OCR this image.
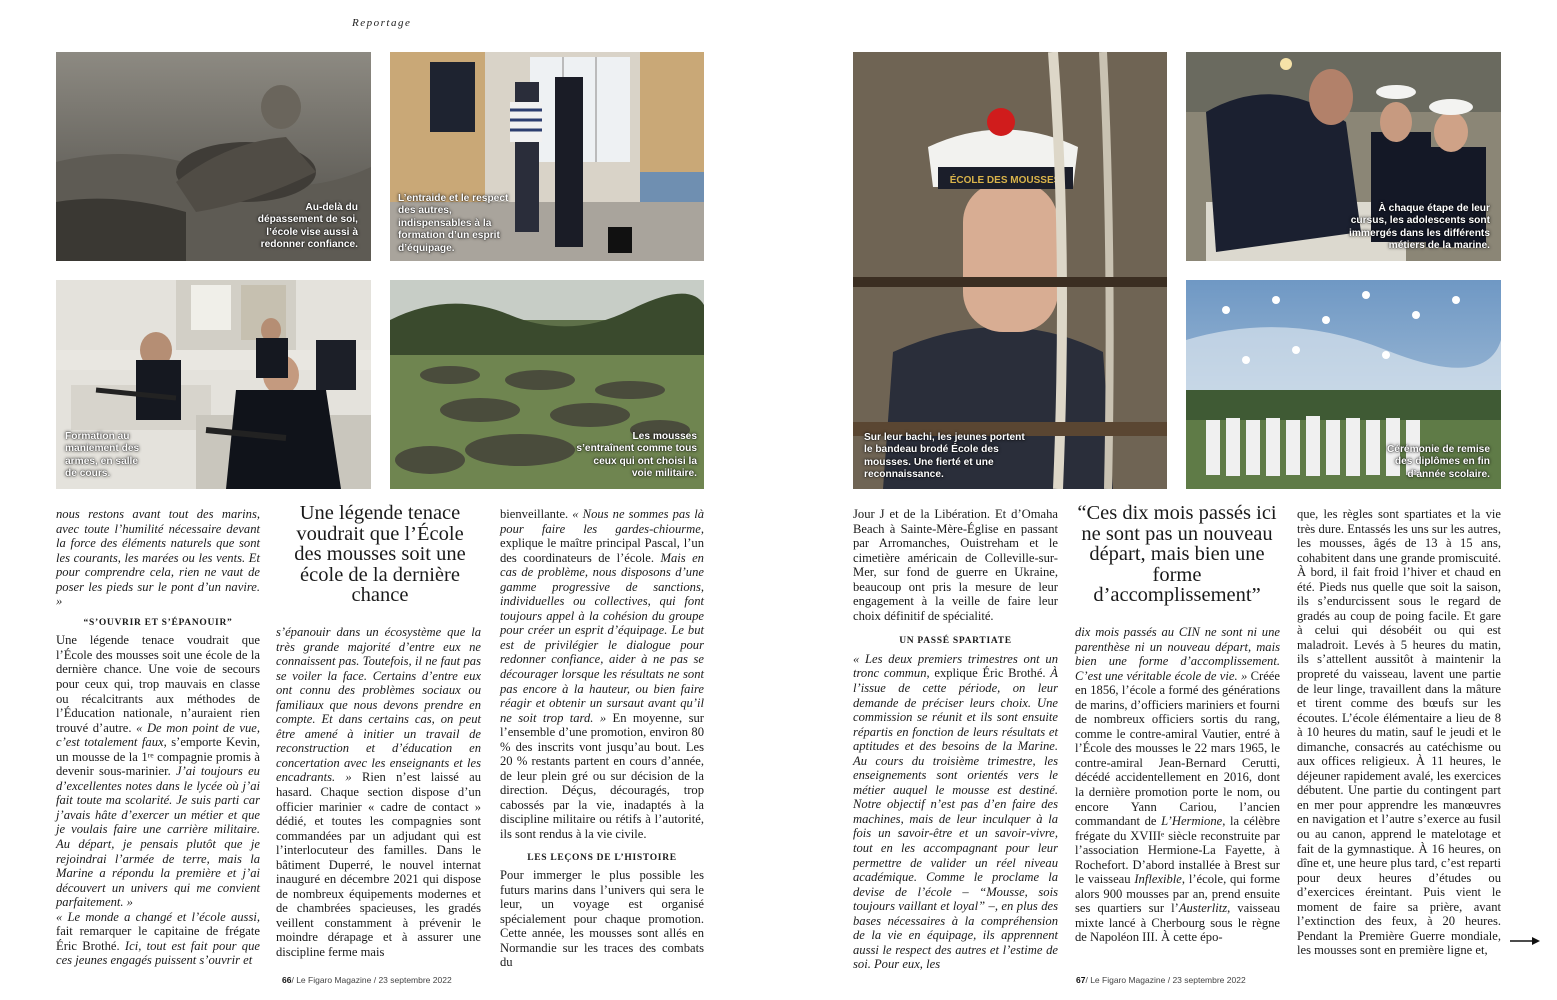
Reportage
Au-delà du dépassement de soi, l’école vise aussi à redonner confiance.
L’entraide et le respect des autres, indispensables à la formation d’un esprit d’équipage.
Formation au maniement des armes, en salle de cours.
Les mousses s’entraînent comme tous ceux qui ont choisi la voie militaire.
ÉCOLE DES MOUSSES
Sur leur bachi, les jeunes portent le bandeau brodé École des mousses. Une fierté et une reconnaissance.
À chaque étape de leur cursus, les adolescents sont immergés dans les différents métiers de la marine.
Cérémonie de remise des diplômes en fin d’année scolaire.

nous restons avant tout des marins, avec toute l’humilité nécessaire devant la force des éléments naturels que sont les courants, les marées ou les vents. Et pour comprendre cela, rien ne vaut de poser les pieds sur le pont d’un navire. »

“S’OUVRIR ET S’ÉPANOUIR”

Une légende tenace voudrait que l’École des mousses soit une école de la dernière chance. Une voie de secours pour ceux qui, trop mauvais en classe ou récalcitrants aux méthodes de l’Éducation nationale, n’auraient rien trouvé d’autre. « De mon point de vue, c’est totalement faux, s’emporte Kevin, un mousse de la 1ʳᵉ compagnie promis à devenir sous-marinier. J’ai toujours eu d’excellentes notes dans le lycée où j’ai fait toute ma scolarité. Je suis parti car j’avais hâte d’exercer un métier et que je voulais faire une carrière militaire. Au départ, je pensais plutôt que je rejoindrai l’armée de terre, mais la Marine a répondu la première et j’ai découvert un univers qui me convient parfaitement. »

« Le monde a changé et l’école aussi, fait remarquer le capitaine de frégate Éric Brothé. Ici, tout est fait pour que ces jeunes engagés puissent s’ouvrir et

Une légende tenace voudrait que l’École des mousses soit une école de la dernière chance

s’épanouir dans un écosystème que la très grande majorité d’entre eux ne connaissent pas. Toutefois, il ne faut pas se voiler la face. Certains d’entre eux ont connu des problèmes sociaux ou familiaux que nous devons prendre en compte. Et dans certains cas, on peut être amené à initier un travail de reconstruction et d’éducation en concertation avec les enseignants et les encadrants. » Rien n’est laissé au hasard. Chaque section dispose d’un officier marinier « cadre de contact » dédié, et toutes les compagnies sont commandées par un adjudant qui est l’interlocuteur des familles. Dans le bâtiment Duperré, le nouvel internat inauguré en décembre 2021 qui dispose de nombreux équipements modernes et de chambrées spacieuses, les gradés veillent constamment à prévenir le moindre dérapage et à assurer une discipline ferme mais

bienveillante. « Nous ne sommes pas là pour faire les gardes-chiourme, explique le maître principal Pascal, l’un des coordinateurs de l’école. Mais en cas de problème, nous disposons d’une gamme progressive de sanctions, individuelles ou collectives, qui font toujours appel à la cohésion du groupe pour créer un esprit d’équipage. Le but est de privilégier le dialogue pour redonner confiance, aider à ne pas se décourager lorsque les résultats ne sont pas encore à la hauteur, ou bien faire réagir et obtenir un sursaut avant qu’il ne soit trop tard. » En moyenne, sur l’ensemble d’une promotion, environ 80 % des inscrits vont jusqu’au bout. Les 20 % restants partent en cours d’année, de leur plein gré ou sur décision de la direction. Déçus, découragés, trop cabossés par la vie, inadaptés à la discipline militaire ou rétifs à l’autorité, ils sont rendus à la vie civile.

LES LEÇONS DE L’HISTOIRE

Pour immerger le plus possible les futurs marins dans l’univers qui sera le leur, un voyage est organisé spécialement pour chaque promotion. Cette année, les mousses sont allés en Normandie sur les traces des combats du

Jour J et de la Libération. Et d’Omaha Beach à Sainte-Mère-Église en passant par Arromanches, Ouistreham et le cimetière américain de Colleville-sur-Mer, sur fond de guerre en Ukraine, beaucoup ont pris la mesure de leur engagement à la veille de faire leur choix définitif de spécialité.

UN PASSÉ SPARTIATE

« Les deux premiers trimestres ont un tronc commun, explique Éric Brothé. À l’issue de cette période, on leur demande de préciser leurs choix. Une commission se réunit et ils sont ensuite répartis en fonction de leurs résultats et aptitudes et des besoins de la Marine. Au cours du troisième trimestre, les enseignements sont orientés vers le métier auquel le mousse est destiné. Notre objectif n’est pas d’en faire des machines, mais de leur inculquer à la fois un savoir-être et un savoir-vivre, tout en les accompagnant pour leur permettre de valider un réel niveau académique. Comme le proclame la devise de l’école – “Mousse, sois toujours vaillant et loyal” –, en plus des bases nécessaires à la compréhension de la vie en équipage, ils apprennent aussi le respect des autres et l’estime de soi. Pour eux, les

“Ces dix mois passés ici ne sont pas un nouveau départ, mais bien une forme d’accomplissement”

dix mois passés au CIN ne sont ni une parenthèse ni un nouveau départ, mais bien une forme d’accomplissement. C’est une véritable école de vie. » Créée en 1856, l’école a formé des générations de marins, d’officiers mariniers et fourni de nombreux officiers sortis du rang, comme le contre-amiral Vautier, entré à l’École des mousses le 22 mars 1965, le contre-amiral Jean-Bernard Cerutti, décédé accidentellement en 2016, dont la dernière promotion porte le nom, ou encore Yann Cariou, l’ancien commandant de L’Hermione, la célèbre frégate du XVIIIᵉ siècle reconstruite par l’association Hermione-La Fayette, à Rochefort. D’abord installée à Brest sur le vaisseau Inflexible, l’école, qui forme alors 900 mousses par an, prend ensuite ses quartiers sur l’Austerlitz, vaisseau mixte lancé à Cherbourg sous le règne de Napoléon III. À cette épo-

que, les règles sont spartiates et la vie très dure. Entassés les uns sur les autres, les mousses, âgés de 13 à 15 ans, cohabitent dans une grande promiscuité. À bord, il fait froid l’hiver et chaud en été. Pieds nus quelle que soit la saison, ils s’endurcissent sous le regard de gradés au coup de poing facile. Et gare à celui qui désobéit ou qui est maladroit. Levés à 5 heures du matin, ils s’attellent aussitôt à maintenir la propreté du vaisseau, lavent une partie de leur linge, travaillent dans la mâture et tirent comme des bœufs sur les écoutes. L’école élémentaire a lieu de 8 à 10 heures du matin, sauf le jeudi et le dimanche, consacrés au catéchisme ou aux offices religieux. À 11 heures, le déjeuner rapidement avalé, les exercices débutent. Une partie du contingent part en mer pour apprendre les manœuvres en navigation et l’autre s’exerce au fusil ou au canon, apprend le matelotage et fait de la gymnastique. À 16 heures, on dîne et, une heure plus tard, c’est reparti pour deux heures d’études ou d’exercices éreintant. Puis vient le moment de faire sa prière, avant l’extinction des feux, à 20 heures. Pendant la Première Guerre mondiale, les mousses sont en première ligne et,

66/ Le Figaro Magazine / 23 septembre 2022	67/ Le Figaro Magazine / 23 septembre 2022
